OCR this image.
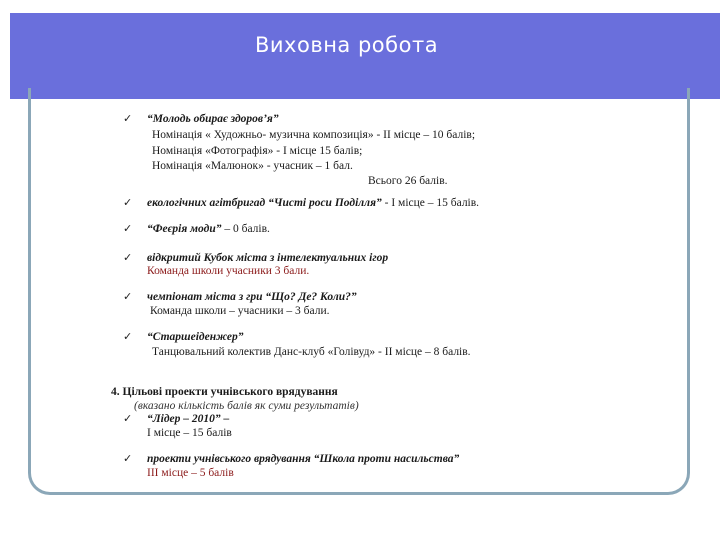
Виховна робота
✓ “Молодь обирає здоров’я”
Номінація « Художньо- музична композиція» - ІІ місце – 10 балів;
Номінація «Фотографія» - І місце 15 балів;
Номінація «Малюнок» - учасник – 1 бал.
Всього 26 балів.
✓ екологічних агітбригад “Чисті роси Поділля” - І місце – 15 балів.
✓ “Феєрія моди” – 0 балів.
✓ відкритий Кубок міста з інтелектуальних ігор
Команда школи учасники 3 бали.
✓ чемпіонат міста з гри “Що? Де? Коли?”
Команда школи – учасники – 3 бали.
✓ “Старшеіденжер”
Танцювальний колектив Данс-клуб «Голівуд» - ІІ місце – 8 балів.
4. Цільові проекти учнівського врядування
(вказано кількість балів як суми результатів)
✓ “Лідер – 2010” –
І місце – 15 балів
✓ проекти учнівського врядування “Школа проти насильства”
ІІІ місце – 5 балів
